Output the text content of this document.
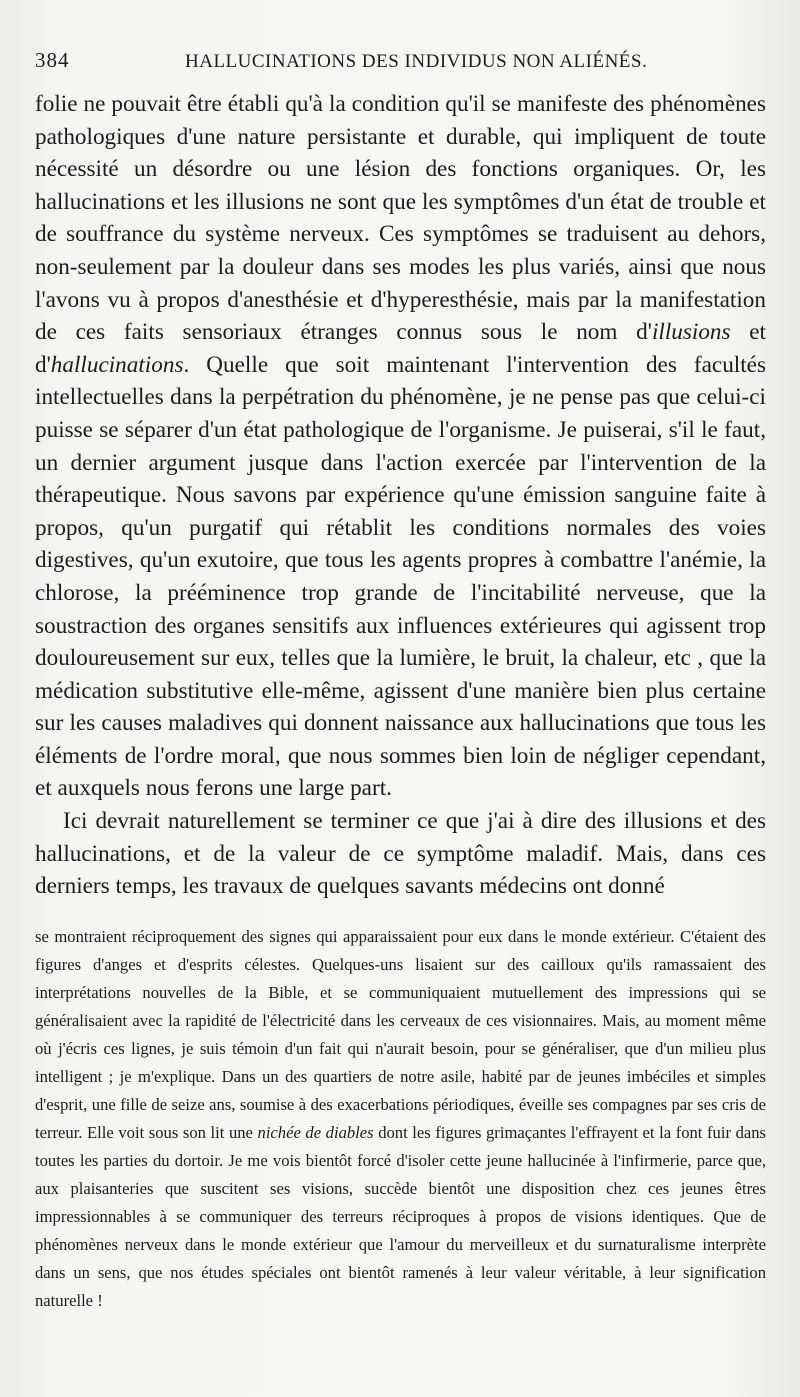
384	HALLUCINATIONS DES INDIVIDUS NON ALIÉNÉS.

folie ne pouvait être établi qu'à la condition qu'il se manifeste des phénomènes pathologiques d'une nature persistante et durable, qui impliquent de toute nécessité un désordre ou une lésion des fonctions organiques. Or, les hallucinations et les illusions ne sont que les symptômes d'un état de trouble et de souffrance du système nerveux. Ces symptômes se traduisent au dehors, non-seulement par la douleur dans ses modes les plus variés, ainsi que nous l'avons vu à propos d'anesthésie et d'hyperesthésie, mais par la manifestation de ces faits sensoriaux étranges connus sous le nom d'illusions et d'hallucinations. Quelle que soit maintenant l'intervention des facultés intellectuelles dans la perpétration du phénomène, je ne pense pas que celui-ci puisse se séparer d'un état pathologique de l'organisme. Je puiserai, s'il le faut, un dernier argument jusque dans l'action exercée par l'intervention de la thérapeutique. Nous savons par expérience qu'une émission sanguine faite à propos, qu'un purgatif qui rétablit les conditions normales des voies digestives, qu'un exutoire, que tous les agents propres à combattre l'anémie, la chlorose, la prééminence trop grande de l'incitabilité nerveuse, que la soustraction des organes sensitifs aux influences extérieures qui agissent trop douloureusement sur eux, telles que la lumière, le bruit, la chaleur, etc , que la médication substitutive elle-même, agissent d'une manière bien plus certaine sur les causes maladives qui donnent naissance aux hallucinations que tous les éléments de l'ordre moral, que nous sommes bien loin de négliger cependant, et auxquels nous ferons une large part.

Ici devrait naturellement se terminer ce que j'ai à dire des illusions et des hallucinations, et de la valeur de ce symptôme maladif. Mais, dans ces derniers temps, les travaux de quelques savants médecins ont donné

se montraient réciproquement des signes qui apparaissaient pour eux dans le monde extérieur. C'étaient des figures d'anges et d'esprits célestes. Quelques-uns lisaient sur des cailloux qu'ils ramassaient des interprétations nouvelles de la Bible, et se communiquaient mutuellement des impressions qui se généralisaient avec la rapidité de l'électricité dans les cerveaux de ces visionnaires. Mais, au moment même où j'écris ces lignes, je suis témoin d'un fait qui n'aurait besoin, pour se généraliser, que d'un milieu plus intelligent ; je m'explique. Dans un des quartiers de notre asile, habité par de jeunes imbéciles et simples d'esprit, une fille de seize ans, soumise à des exacerbations périodiques, éveille ses compagnes par ses cris de terreur. Elle voit sous son lit une nichée de diables dont les figures grimaçantes l'effrayent et la font fuir dans toutes les parties du dortoir. Je me vois bientôt forcé d'isoler cette jeune hallucinée à l'infirmerie, parce que, aux plaisanteries que suscitent ses visions, succède bientôt une disposition chez ces jeunes êtres impressionnables à se communiquer des terreurs réciproques à propos de visions identiques. Que de phénomènes nerveux dans le monde extérieur que l'amour du merveilleux et du surnaturalisme interprète dans un sens, que nos études spéciales ont bientôt ramenés à leur valeur véritable, à leur signification naturelle !
